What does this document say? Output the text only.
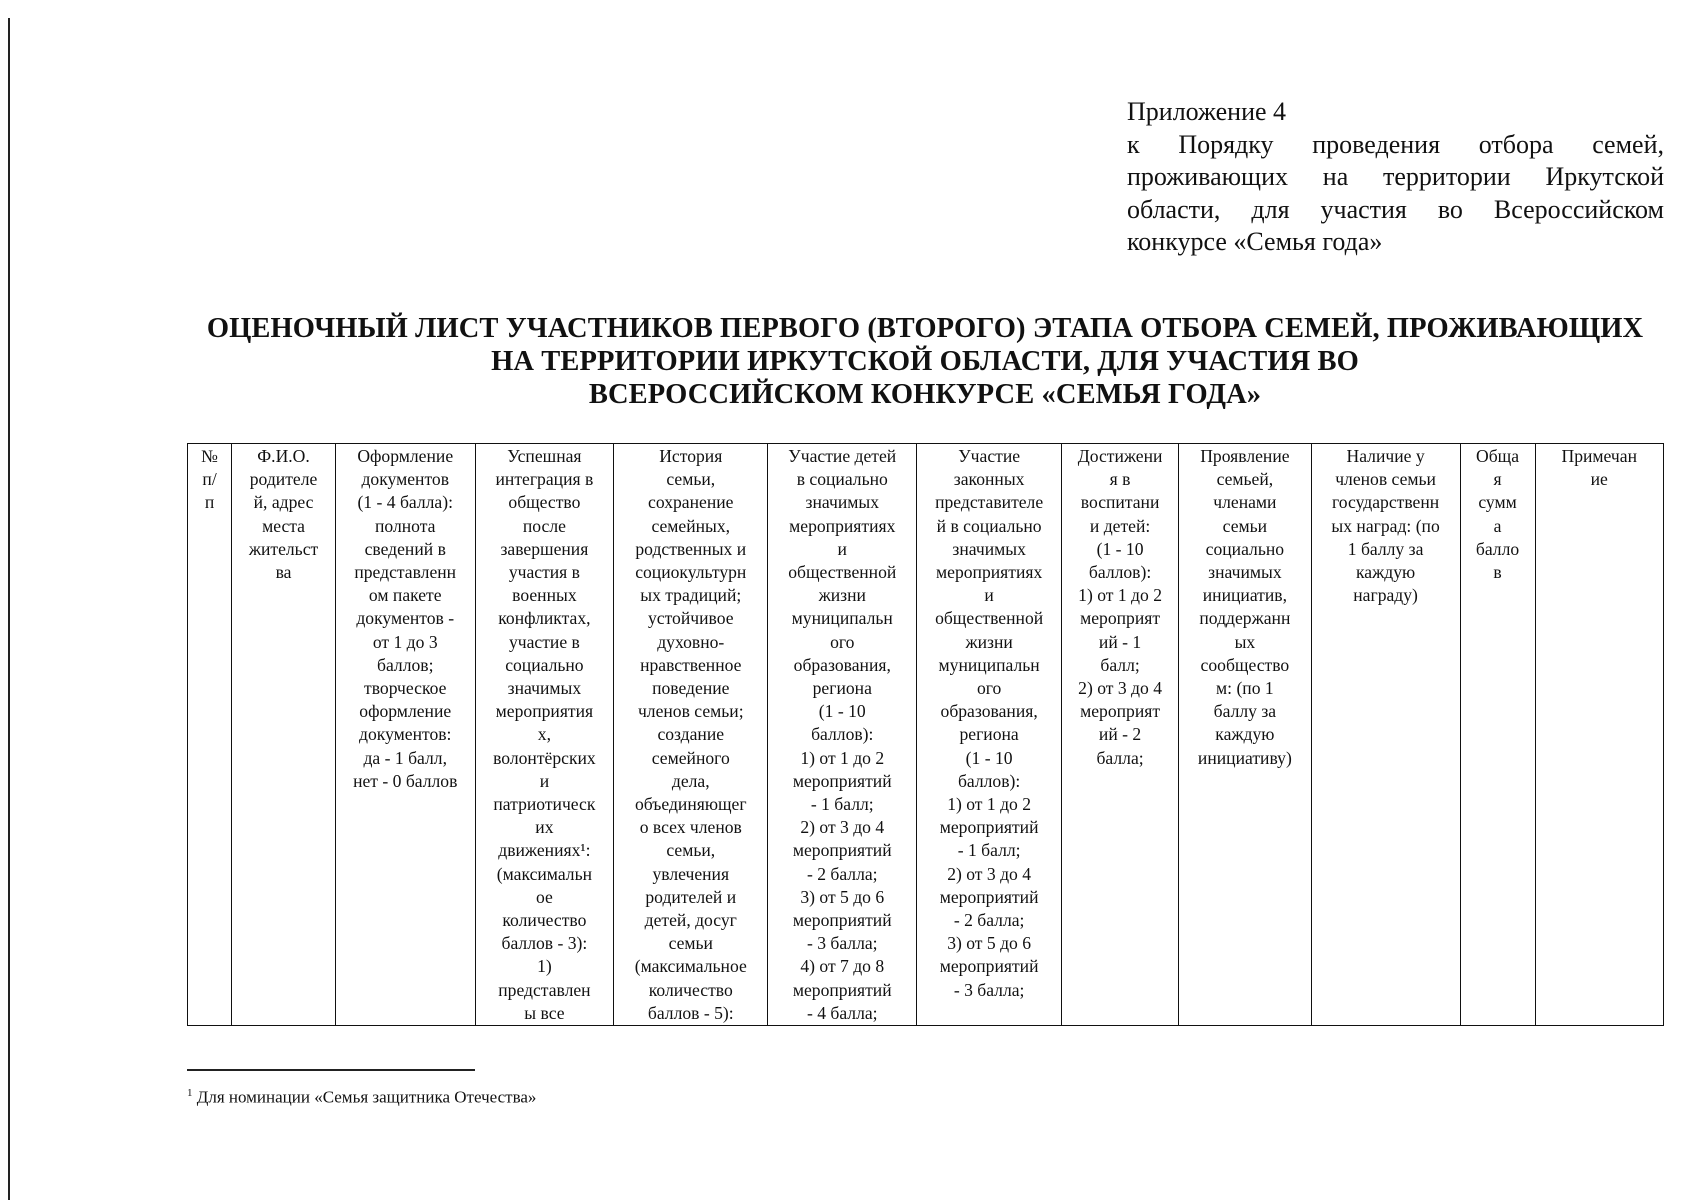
Приложение 4
к Порядку проведения отбора семей, проживающих на территории Иркутской области, для участия во Всероссийском конкурсе «Семья года»
ОЦЕНОЧНЫЙ ЛИСТ УЧАСТНИКОВ ПЕРВОГО (ВТОРОГО) ЭТАПА ОТБОРА СЕМЕЙ, ПРОЖИВАЮЩИХ
НА ТЕРРИТОРИИ ИРКУТСКОЙ ОБЛАСТИ, ДЛЯ УЧАСТИЯ ВО
ВСЕРОССИЙСКОМ КОНКУРСЕ «СЕМЬЯ ГОДА»
№
п/
п	Ф.И.О.
родителе
й, адрес
места
жительст
ва	Оформление
документов
(1 - 4 балла):
полнота
сведений в
представленн
ом пакете
документов -
от 1 до 3
баллов;
творческое
оформление
документов:
да - 1 балл,
нет - 0 баллов	Успешная
интеграция в
общество
после
завершения
участия в
военных
конфликтах,
участие в
социально
значимых
мероприятия
х,
волонтёрских
и
патриотическ
их
движениях¹:
(максимальн
ое
количество
баллов - 3):
1)
представлен
ы все	История
семьи,
сохранение
семейных,
родственных и
социокультурн
ых традиций;
устойчивое
духовно-
нравственное
поведение
членов семьи;
создание
семейного
дела,
объединяющег
о всех членов
семьи,
увлечения
родителей и
детей, досуг
семьи
(максимальное
количество
баллов - 5):	Участие детей
в социально
значимых
мероприятиях
и
общественной
жизни
муниципальн
ого
образования,
региона
(1 - 10
баллов):
1) от 1 до 2
мероприятий
- 1 балл;
2) от 3 до 4
мероприятий
- 2 балла;
3) от 5 до 6
мероприятий
- 3 балла;
4) от 7 до 8
мероприятий
- 4 балла;	Участие
законных
представителе
й в социально
значимых
мероприятиях
и
общественной
жизни
муниципальн
ого
образования,
региона
(1 - 10
баллов):
1) от 1 до 2
мероприятий
- 1 балл;
2) от 3 до 4
мероприятий
- 2 балла;
3) от 5 до 6
мероприятий
- 3 балла;	Достижени
я в
воспитани
и детей:
(1 - 10
баллов):
1) от 1 до 2
мероприят
ий - 1
балл;
2) от 3 до 4
мероприят
ий - 2
балла;	Проявление
семьей,
членами
семьи
социально
значимых
инициатив,
поддержанн
ых
сообщество
м: (по 1
баллу за
каждую
инициативу)	Наличие у
членов семьи
государственн
ых наград: (по
1 баллу за
каждую
награду)	Обща
я
сумм
а
балло
в	Примечан
ие
$^1$ Для номинации «Семья защитника Отечества»
